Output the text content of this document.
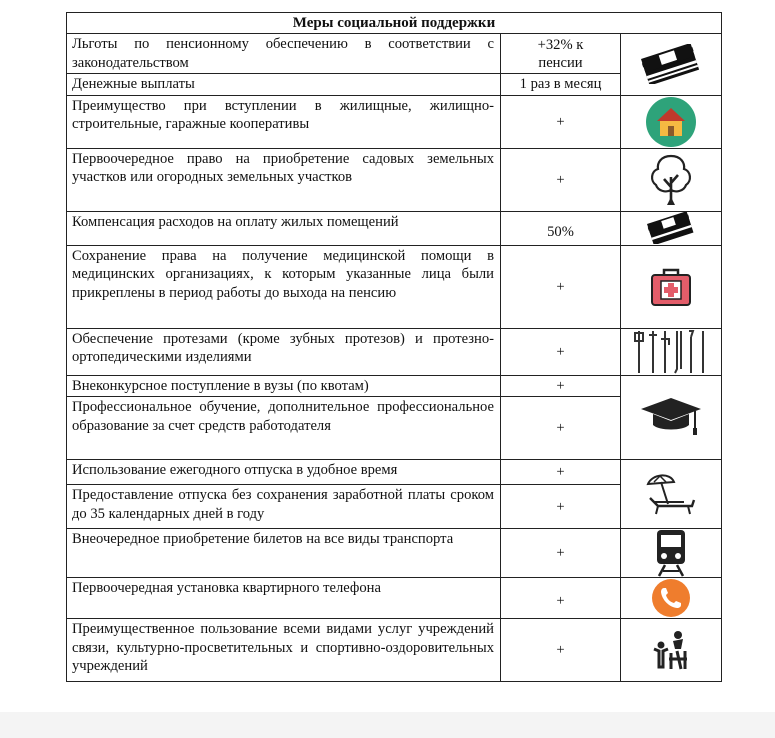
Меры социальной поддержки		
Льготы по пенсионному обеспечению в соответствии с законодательством	+32% к пенсии	

Денежные выплаты	1 раз в месяц	
Преимущество при вступлении в жилищные, жилищно-строительные, гаражные кооперативы	+	

Первоочередное право на приобретение садовых земельных участков или огородных земельных участков	+	

Компенсация расходов на оплату жилых помещений	50%	

Сохранение права на получение медицинской помощи в медицинских организациях, к которым указанные лица были прикреплены в период работы до выхода на пенсию	+	

Обеспечение протезами (кроме зубных протезов) и протезно-ортопедическими изделиями	+	

Внеконкурсное поступление в вузы (по квотам)	+	

Профессиональное обучение, дополнительное профессиональное образование за счет средств работодателя	+	
Использование ежегодного отпуска в удобное время	+	

Предоставление отпуска без сохранения заработной платы сроком до 35 календарных дней в году	+	
Внеочередное приобретение билетов на все виды транспорта	+	

Первоочередная установка квартирного телефона	+	

Преимущественное пользование всеми видами услуг учреждений связи, культурно-просветительных и спортивно-оздоровительных учреждений	+	
